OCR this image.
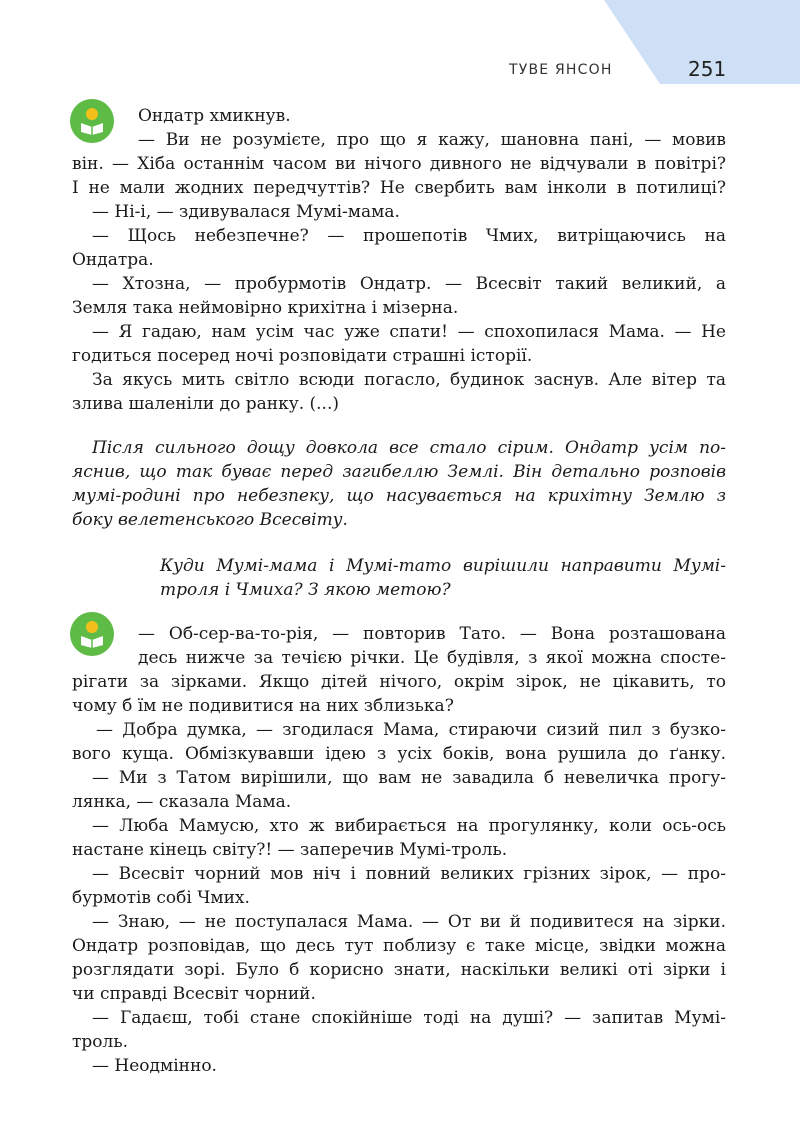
ТУВЕ ЯНСОН	251
Ондатр хмикнув.
— Ви не розумієте, про що я кажу, шановна пані, — мовив
він. — Хіба останнім часом ви нічого дивного не відчували в повітрі?
І не мали жодних передчуттів? Не свербить вам інколи в потилиці?
— Ні-і, — здивувалася Мумі-мама.
— Щось небезпечне? — прошепотів Чмих, витріщаючись на
Ондатра.
— Хтозна, — пробурмотів Ондатр. — Всесвіт такий великий, а
Земля така неймовірно крихітна і мізерна.
— Я гадаю, нам усім час уже спати! — спохопилася Мама. — Не
годиться посеред ночі розповідати страшні історії.
За якусь мить світло всюди погасло, будинок заснув. Але вітер та
злива шаленіли до ранку. (...)
Після сильного дощу довкола все стало сірим. Ондатр усім по-
яснив, що так буває перед загибеллю Землі. Він детально розповів
мумі-родині про небезпеку, що насувається на крихітну Землю з
боку велетенського Всесвіту.
Куди Мумі-мама і Мумі-тато вирішили направити Мумі-
троля і Чмиха? З якою метою?
— Об-сер-ва-то-рія, — повторив Тато. — Вона розташована
десь нижче за течією річки. Це будівля, з якої можна спосте-
рігати за зірками. Якщо дітей нічого, окрім зірок, не цікавить, то
чому б їм не подивитися на них зблизька?
— Добра думка, — згодилася Мама, стираючи сизий пил з бузко-
вого куща. Обмізкувавши ідею з усіх боків, вона рушила до ґанку.
— Ми з Татом вирішили, що вам не завадила б невеличка прогу-
лянка, — сказала Мама.
— Люба Мамусю, хто ж вибирається на прогулянку, коли ось-ось
настане кінець світу?! — заперечив Мумі-троль.
— Всесвіт чорний мов ніч і повний великих грізних зірок, — про-
бурмотів собі Чмих.
— Знаю, — не поступалася Мама. — От ви й подивитеся на зірки.
Ондатр розповідав, що десь тут поблизу є таке місце, звідки можна
розглядати зорі. Було б корисно знати, наскільки великі оті зірки і
чи справді Всесвіт чорний.
— Гадаєш, тобі стане спокійніше тоді на душі? — запитав Мумі-
троль.
— Неодмінно.
